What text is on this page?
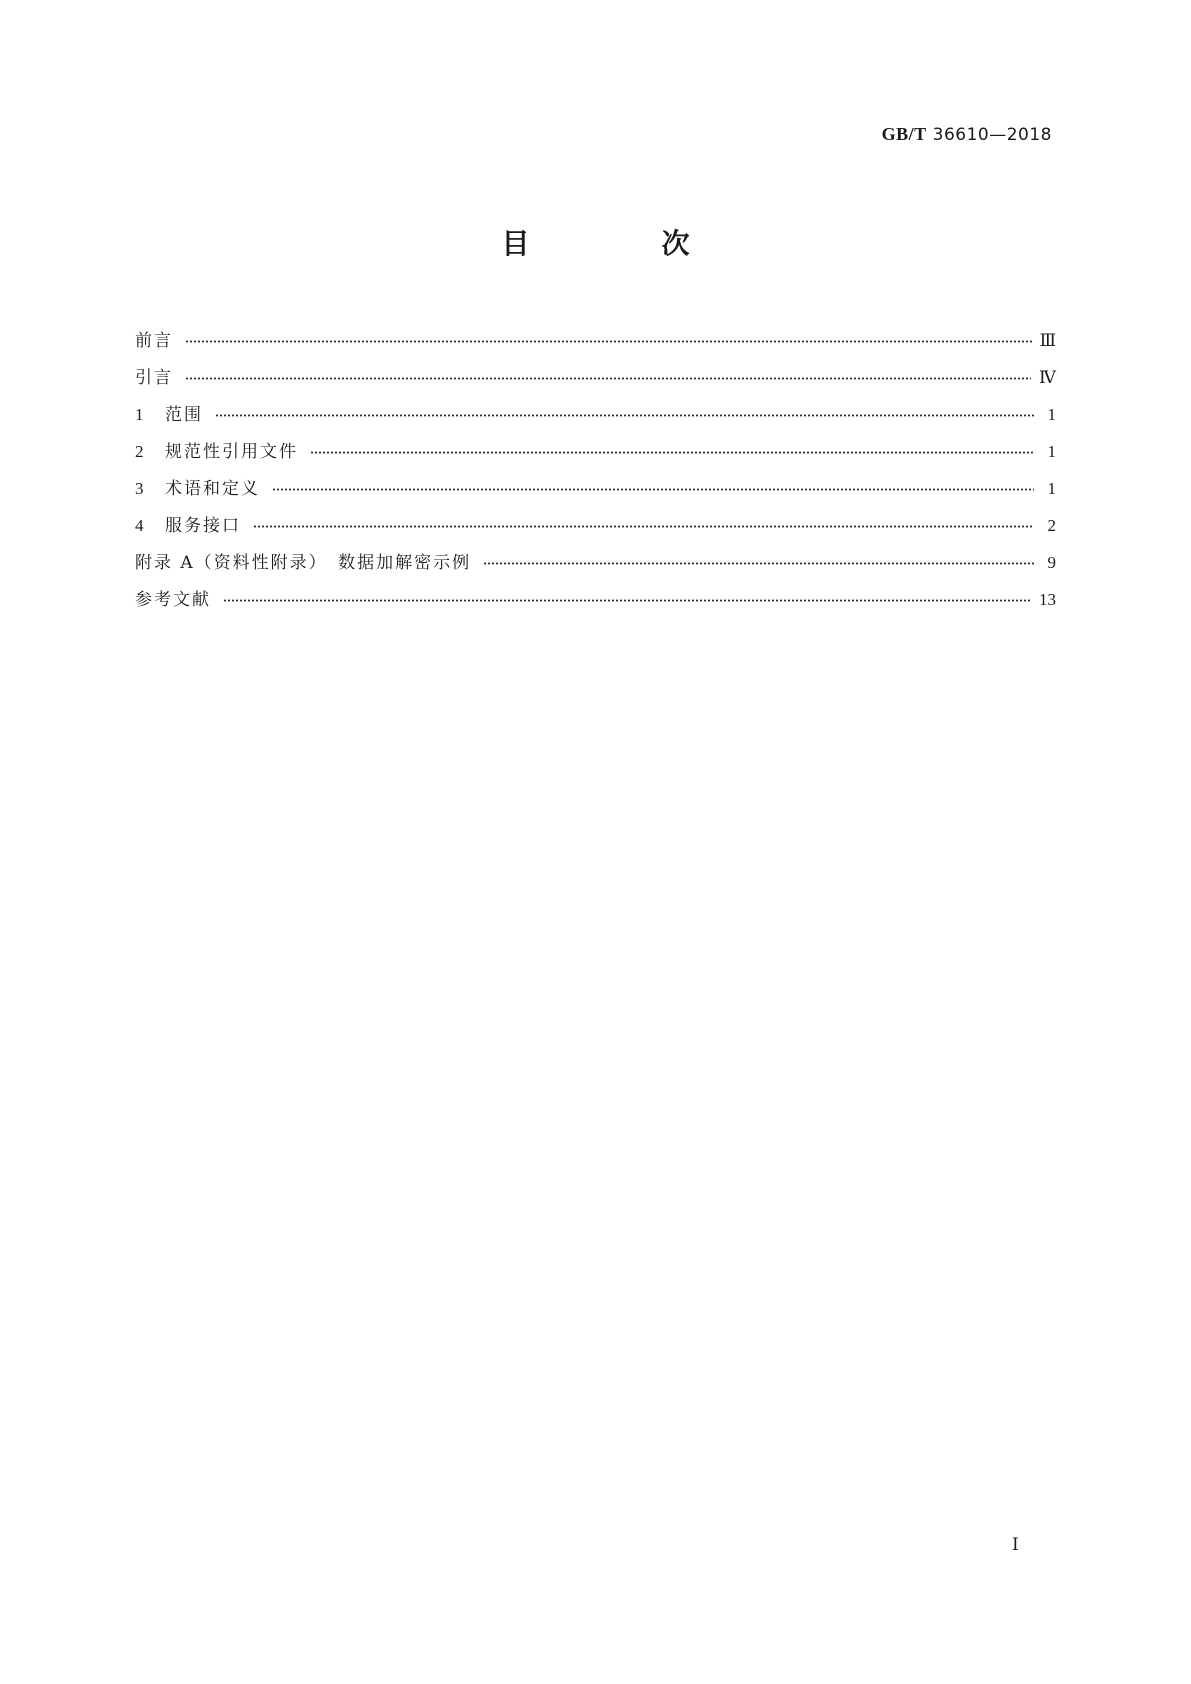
GB/T 36610—2018
目　次
前言	Ⅲ
引言	Ⅳ
1 范围	1
2 规范性引用文件	1
3 术语和定义	1
4 服务接口	2
附录 A（资料性附录）　数据加解密示例	9
参考文献	13
Ⅰ
